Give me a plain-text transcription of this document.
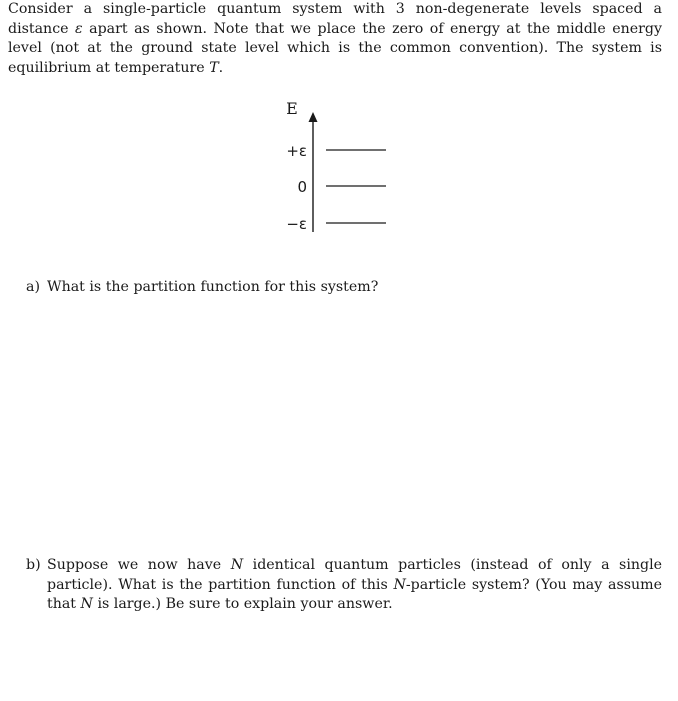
Consider a single-particle quantum system with 3 non-degenerate levels spaced a distance ε apart as shown. Note that we place the zero of energy at the middle energy level (not at the ground state level which is the common convention). The system is equilibrium at temperature T.

E
+ε
0
−ε
a) What is the partition function for this system?
b) Suppose we now have N identical quantum particles (instead of only a single particle). What is the partition function of this N-particle system? (You may assume that N is large.) Be sure to explain your answer.
